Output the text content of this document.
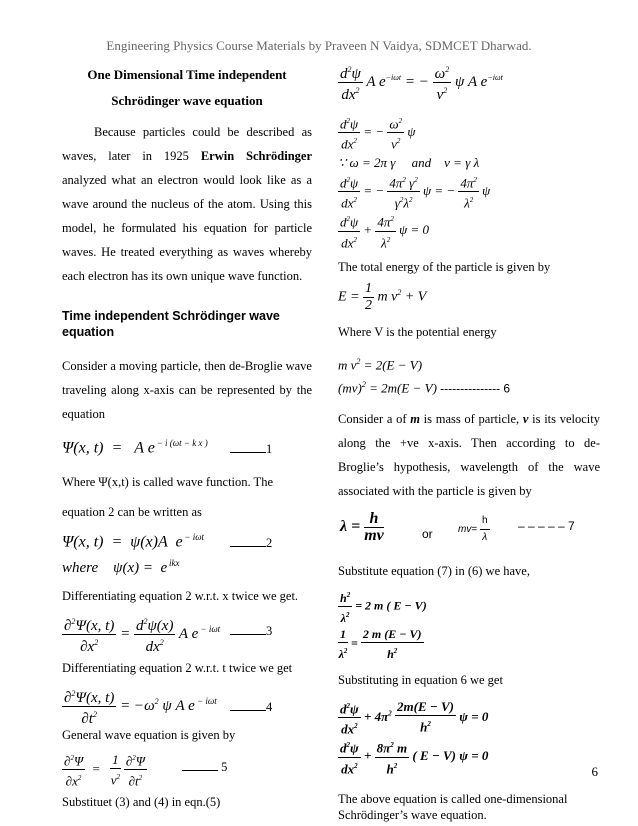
Engineering Physics Course Materials by Praveen N Vaidya, SDMCET Dharwad.

One Dimensional Time independent

Schrödinger wave equation

Because particles could be described as waves, later in 1925 Erwin Schrödinger analyzed what an electron would look like as a wave around the nucleus of the atom. Using this model, he formulated his equation for particle waves. He treated everything as waves whereby each electron has its own unique wave function.

Time independent Schrödinger wave equation

Consider a moving particle, then de-Broglie wave traveling along x-axis can be represented by the equation

Ψ(x, t)  =   A e $^{- i (\omega t - k x )}$	1

Where Ψ(x,t) is called wave function. The

equation 2 can be written as

Ψ(x, t)  =  ψ(x)A e $^{- i\omega t}$	2
where ψ(x) =  e  $^{ikx}$

Differentiating equation 2 w.r.t. x twice we get.

$\frac{\partial^2\Psi(x, t)}{\partial x^2} = \frac{d^2\psi(x)}{dx^2}$ A e $^{- i\omega t}$	3

Differentiating equation 2 w.r.t. t twice we get

$\frac{\partial^2\Psi(x, t)}{\partial t^2} = -\omega^2$ ψ A e $^{- i\omega t}$	4

General wave equation is given by

$\frac{\partial^2\Psi}{\partial x^2} = \frac{1}{v^2}$
$\frac{\partial^2\Psi}{\partial t^2}$	5

Substituet (3) and (4) in eqn.(5)

$\frac{d^2\psi}{dx^2}$ A $e^{-i\omega t}$ = − $\frac{\omega^2}{v^2}$ ψ A $e^{-i\omega t}$
$\frac{d^2\psi}{dx^2}$ = − $\frac{\omega^2}{v^2}$ ψ
∵ ω = 2π γ and v = γ λ
$\frac{d^2\psi}{dx^2}$ = − $\frac{4\pi^2 \gamma^2}{\gamma^2\lambda^2}$ ψ = − $\frac{4\pi^2}{\lambda^2}$ ψ
$\frac{d^2\psi}{dx^2} + \frac{4\pi^2}{\lambda^2}$ ψ = 0

The total energy of the particle is given by

$E = \frac{1}{2}$ m $v^2 + V$

Where V is the potential energy

m $v^2 = 2(E - V)$
(mv)$^2$ = 2m(E − V) --------------- 6

Consider a of m is mass of particle, v is its velocity along the +ve x-axis. Then according to de-Broglie’s hypothesis, wavelength of the wave associated with the particle is given by

$\lambda = \frac{h}{mv}$	or	$mv= \frac{h}{\lambda}$ – – – – – 7

Substitute equation (7) in (6) we have,

$\frac{h^2}{\lambda^2} = 2$ m ( E − V)
$\frac{1}{\lambda^2} = \frac{2 m (E - V)}{h^2}$

Substituting in equation 6 we get

$\frac{d^2\psi}{dx^2} + 4\pi^2 \frac{2m(E - V)}{h^2}$ ψ = 0
$\frac{d^2\psi}{dx^2} + \frac{8\pi^2 m}{h^2}$ ( E − V) ψ = 0

The above equation is called one-dimensional Schrödinger’s wave equation.

6
